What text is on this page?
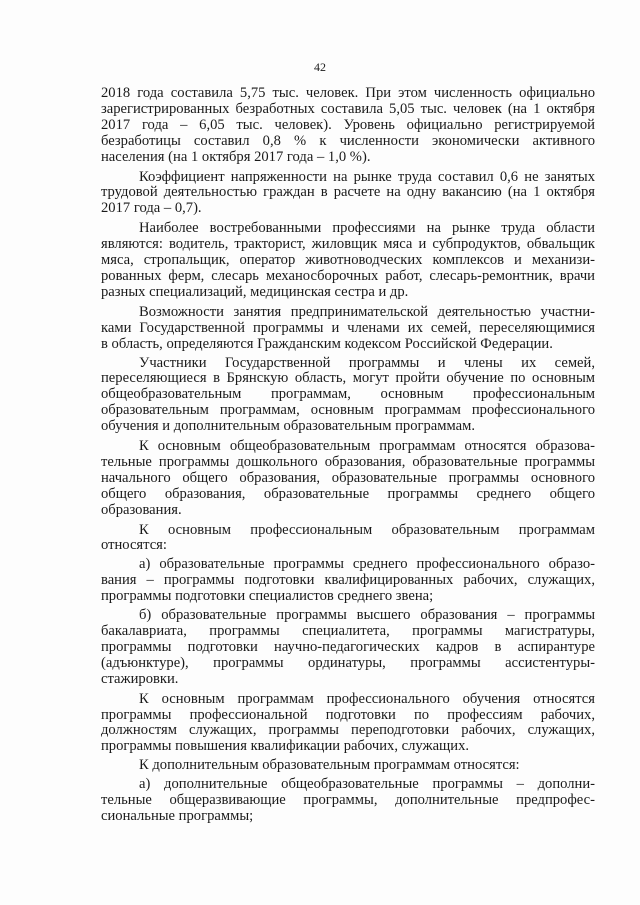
42
2018 года составила 5,75 тыс. человек. При этом численность официально
зарегистрированных безработных составила 5,05 тыс. человек (на 1 октября
2017 года – 6,05 тыс. человек). Уровень официально регистрируемой
безработицы составил 0,8 % к численности экономически активного
населения (на 1 октября 2017 года – 1,0 %).
Коэффициент напряженности на рынке труда составил 0,6 не занятых
трудовой деятельностью граждан в расчете на одну вакансию (на 1 октября
2017 года – 0,7).
Наиболее востребованными профессиями на рынке труда области
являются: водитель, тракторист, жиловщик мяса и субпродуктов, обвальщик
мяса, стропальщик, оператор животноводческих комплексов и механизи-
рованных ферм, слесарь механосборочных работ, слесарь-ремонтник, врачи
разных специализаций, медицинская сестра и др.
Возможности занятия предпринимательской деятельностью участни-
ками Государственной программы и членами их семей, переселяющимися
в область, определяются Гражданским кодексом Российской Федерации.
Участники Государственной программы и члены их семей,
переселяющиеся в Брянскую область, могут пройти обучение по основным
общеобразовательным программам, основным профессиональным
образовательным программам, основным программам профессионального
обучения и дополнительным образовательным программам.
К основным общеобразовательным программам относятся образова-
тельные программы дошкольного образования, образовательные программы
начального общего образования, образовательные программы основного
общего образования, образовательные программы среднего общего
образования.
К основным профессиональным образовательным программам
относятся:
а) образовательные программы среднего профессионального образо-
вания – программы подготовки квалифицированных рабочих, служащих,
программы подготовки специалистов среднего звена;
б) образовательные программы высшего образования – программы
бакалавриата, программы специалитета, программы магистратуры,
программы подготовки научно-педагогических кадров в аспирантуре
(адъюнктуре), программы ординатуры, программы ассистентуры-
стажировки.
К основным программам профессионального обучения относятся
программы профессиональной подготовки по профессиям рабочих,
должностям служащих, программы переподготовки рабочих, служащих,
программы повышения квалификации рабочих, служащих.
К дополнительным образовательным программам относятся:
а) дополнительные общеобразовательные программы – дополни-
тельные общеразвивающие программы, дополнительные предпрофес-
сиональные программы;
